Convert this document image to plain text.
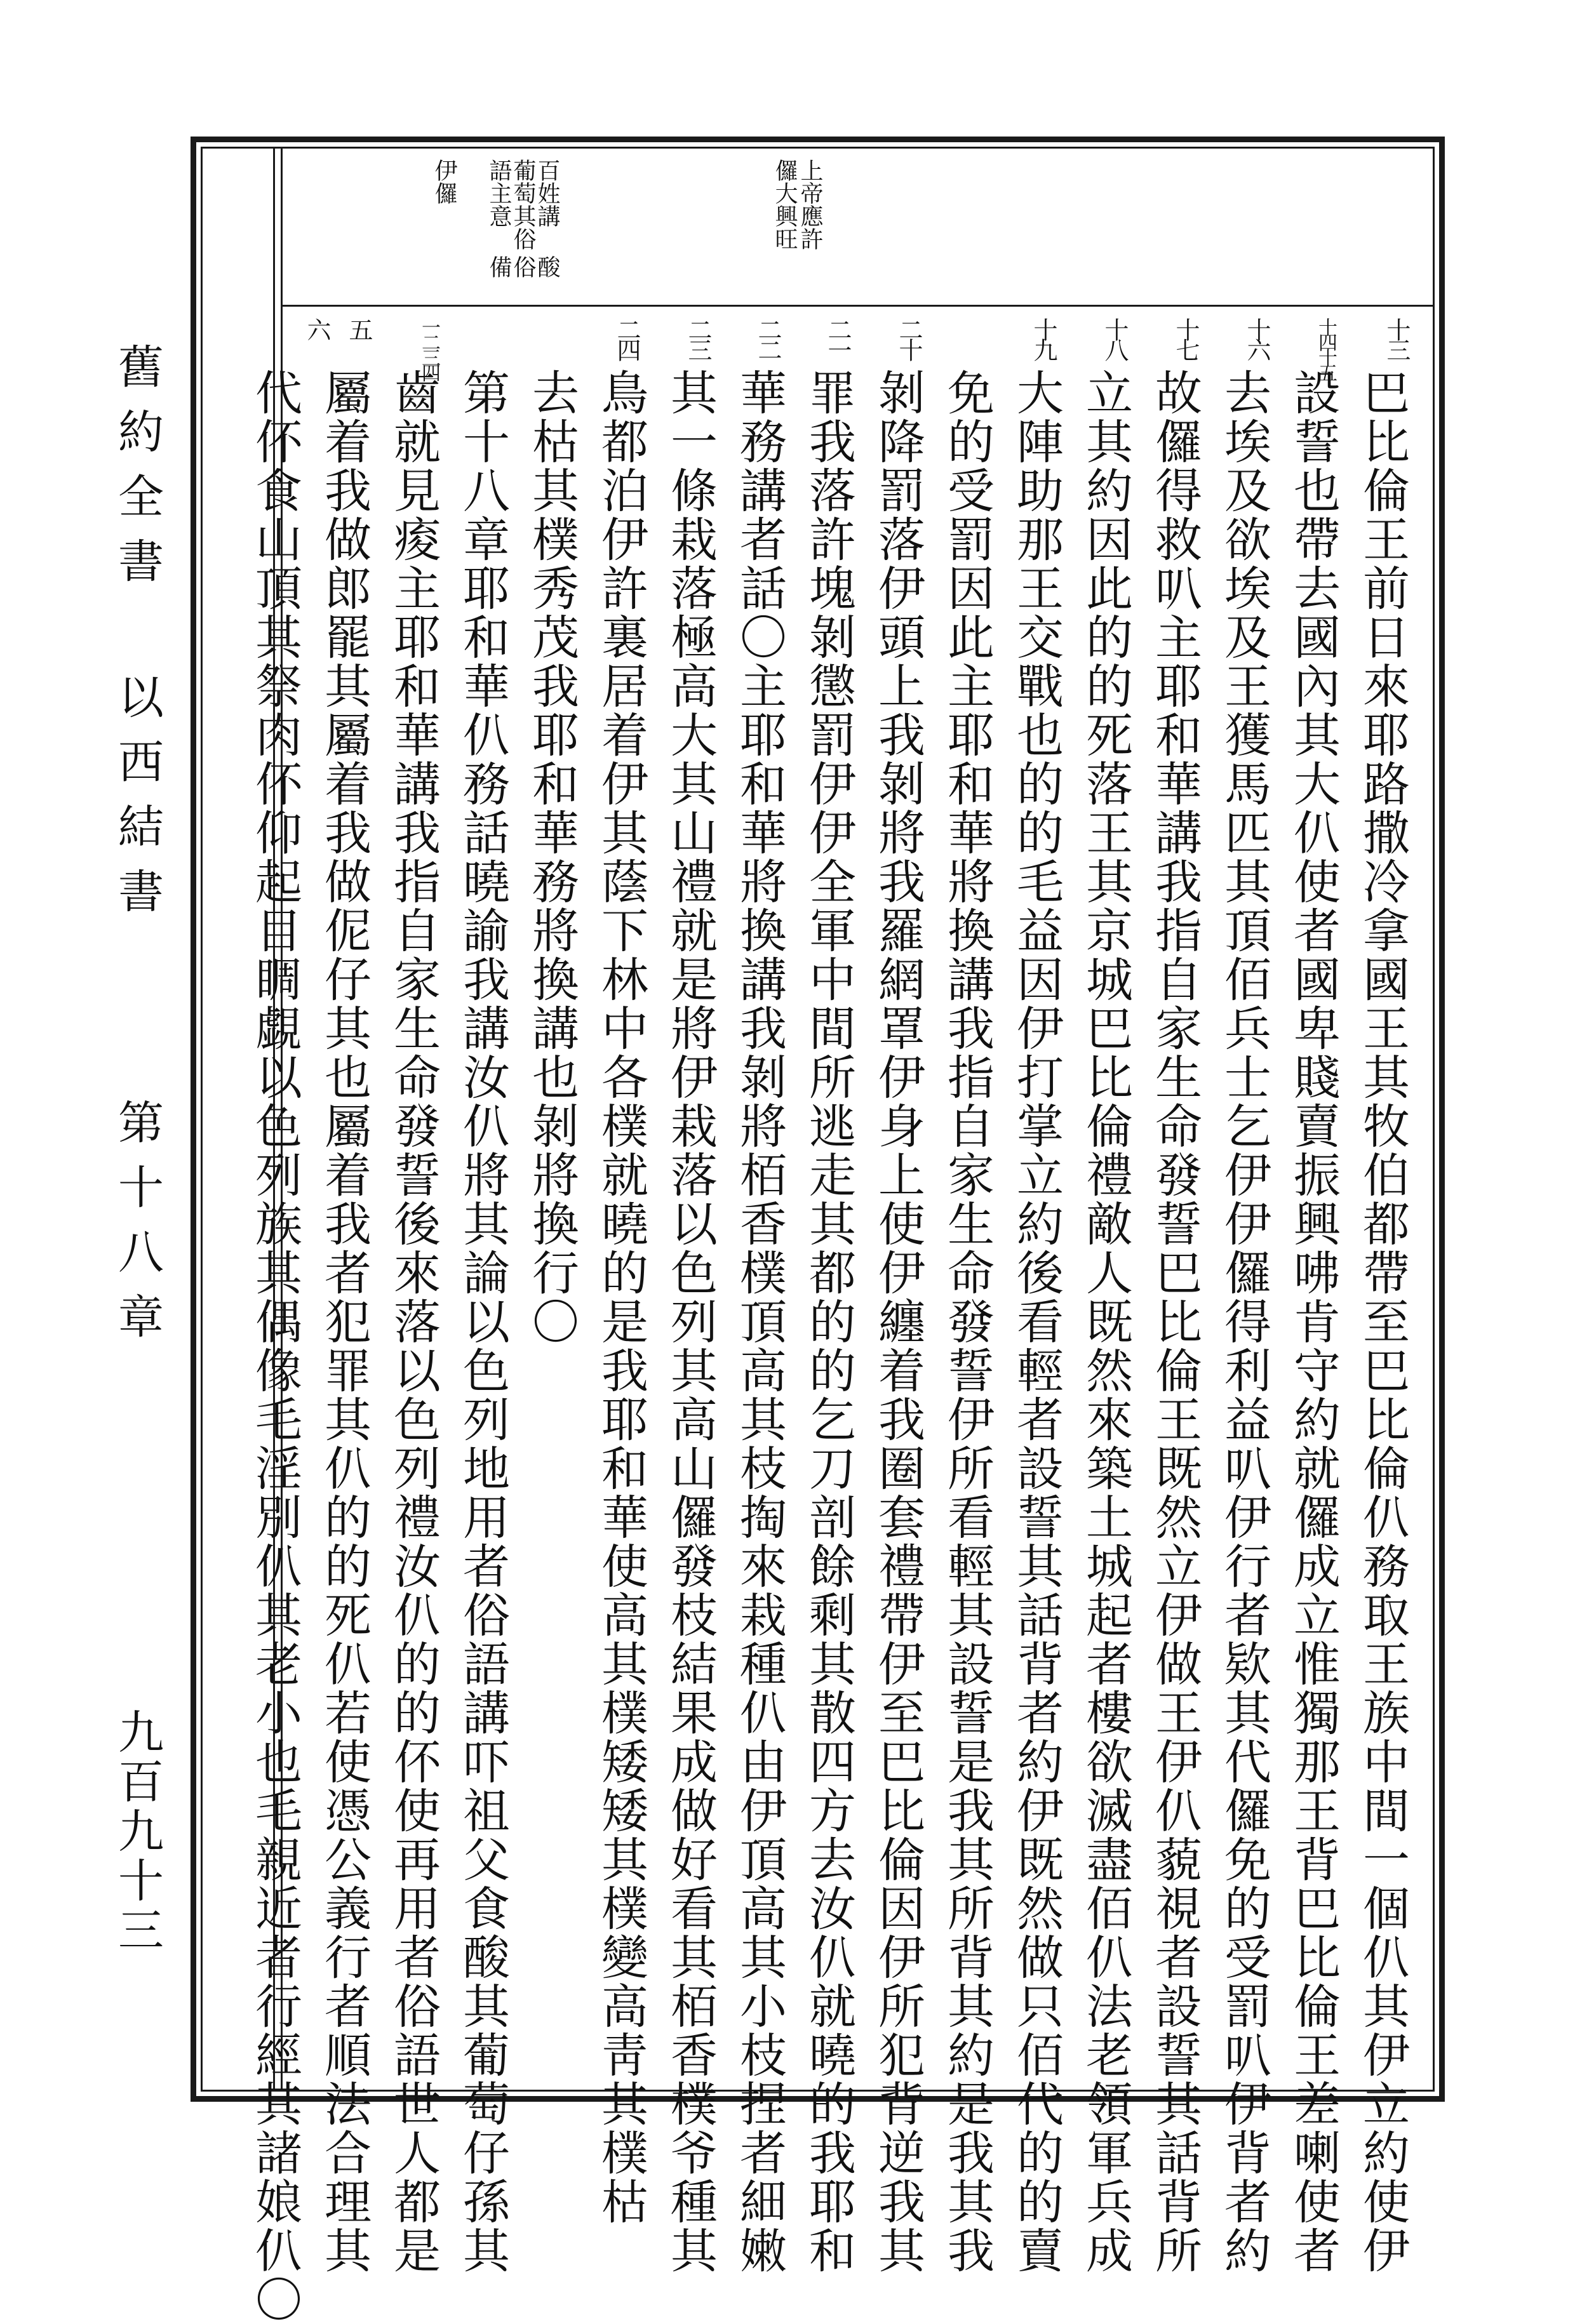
舊約全書
以西結書
第十八章
九百九十三
上帝應許
儸大興旺
百姓講
葡萄其俗
語主意
伊儸
酸
俗
備
十三
十四十五
十六
十七
十八
十九
二十
二一
二二
二三
二四
一二三四
五
六
巴比倫王前日來耶路撒冷拿國王其牧伯都帶至巴比倫仈務取王族中間一個仈其伊立約使伊
設誓也帶去國內其大仈使者國卑賤賣振興咈肯守約就儸成立惟獨那王背巴比倫王差喇使者
去埃及欲埃及王獲馬匹其頂佰兵士乞伊伊儸得利益叭伊行者欵其代儸免的受罰叭伊背者約
故儸得救叭主耶和華講我指自家生命發誓巴比倫王既然立伊做王伊仈藐視者設誓其話背所
立其約因此的的死落王其京城巴比倫禮敵人既然來築土城起者樓欲滅盡佰仈法老領軍兵成
大陣助那王交戰也的的毛益因伊打掌立約後看輕者設誓其話背者約伊既然做只佰代的的賣
免的受罰因此主耶和華將換講我指自家生命發誓伊所看輕其設誓是我其所背其約是我其我
剝降罰落伊頭上我剝將我羅網罩伊身上使伊纏着我圈套禮帶伊至巴比倫因伊所犯背逆我其
罪我落許塊剝懲罰伊伊全軍中間所逃走其都的的乞刀剖餘剩其散四方去汝仈就曉的我耶和
華務講者話〇主耶和華將換講我剝將栢香樸頂高其枝掏來栽種仈由伊頂高其小枝捏者細嫩
其一條栽落極高大其山禮就是將伊栽落以色列其高山儸發枝結果成做好看其栢香樸爷種其
鳥都泊伊許裏居着伊其蔭下林中各樸就曉的是我耶和華使高其樸矮矮其樸變高靑其樸枯
去枯其樸秀茂我耶和華務將換講也剝將換行〇
第十八章耶和華仈務話曉諭我講汝仈將其論以色列地用者俗語講吓祖父食酸其葡萄仔孫其
齒就見痠主耶和華講我指自家生命發誓後來落以色列禮汝仈的的伓使再用者俗語世人都是
屬着我做郎罷其屬着我做伲仔其也屬着我者犯罪其仈的的死仈若使憑公義行者順法合理其
代伓食山頂其祭肉伓仰起目睭覷以色列族其偶像毛淫別仈其老小也毛親近者行經其諸娘仈〇
